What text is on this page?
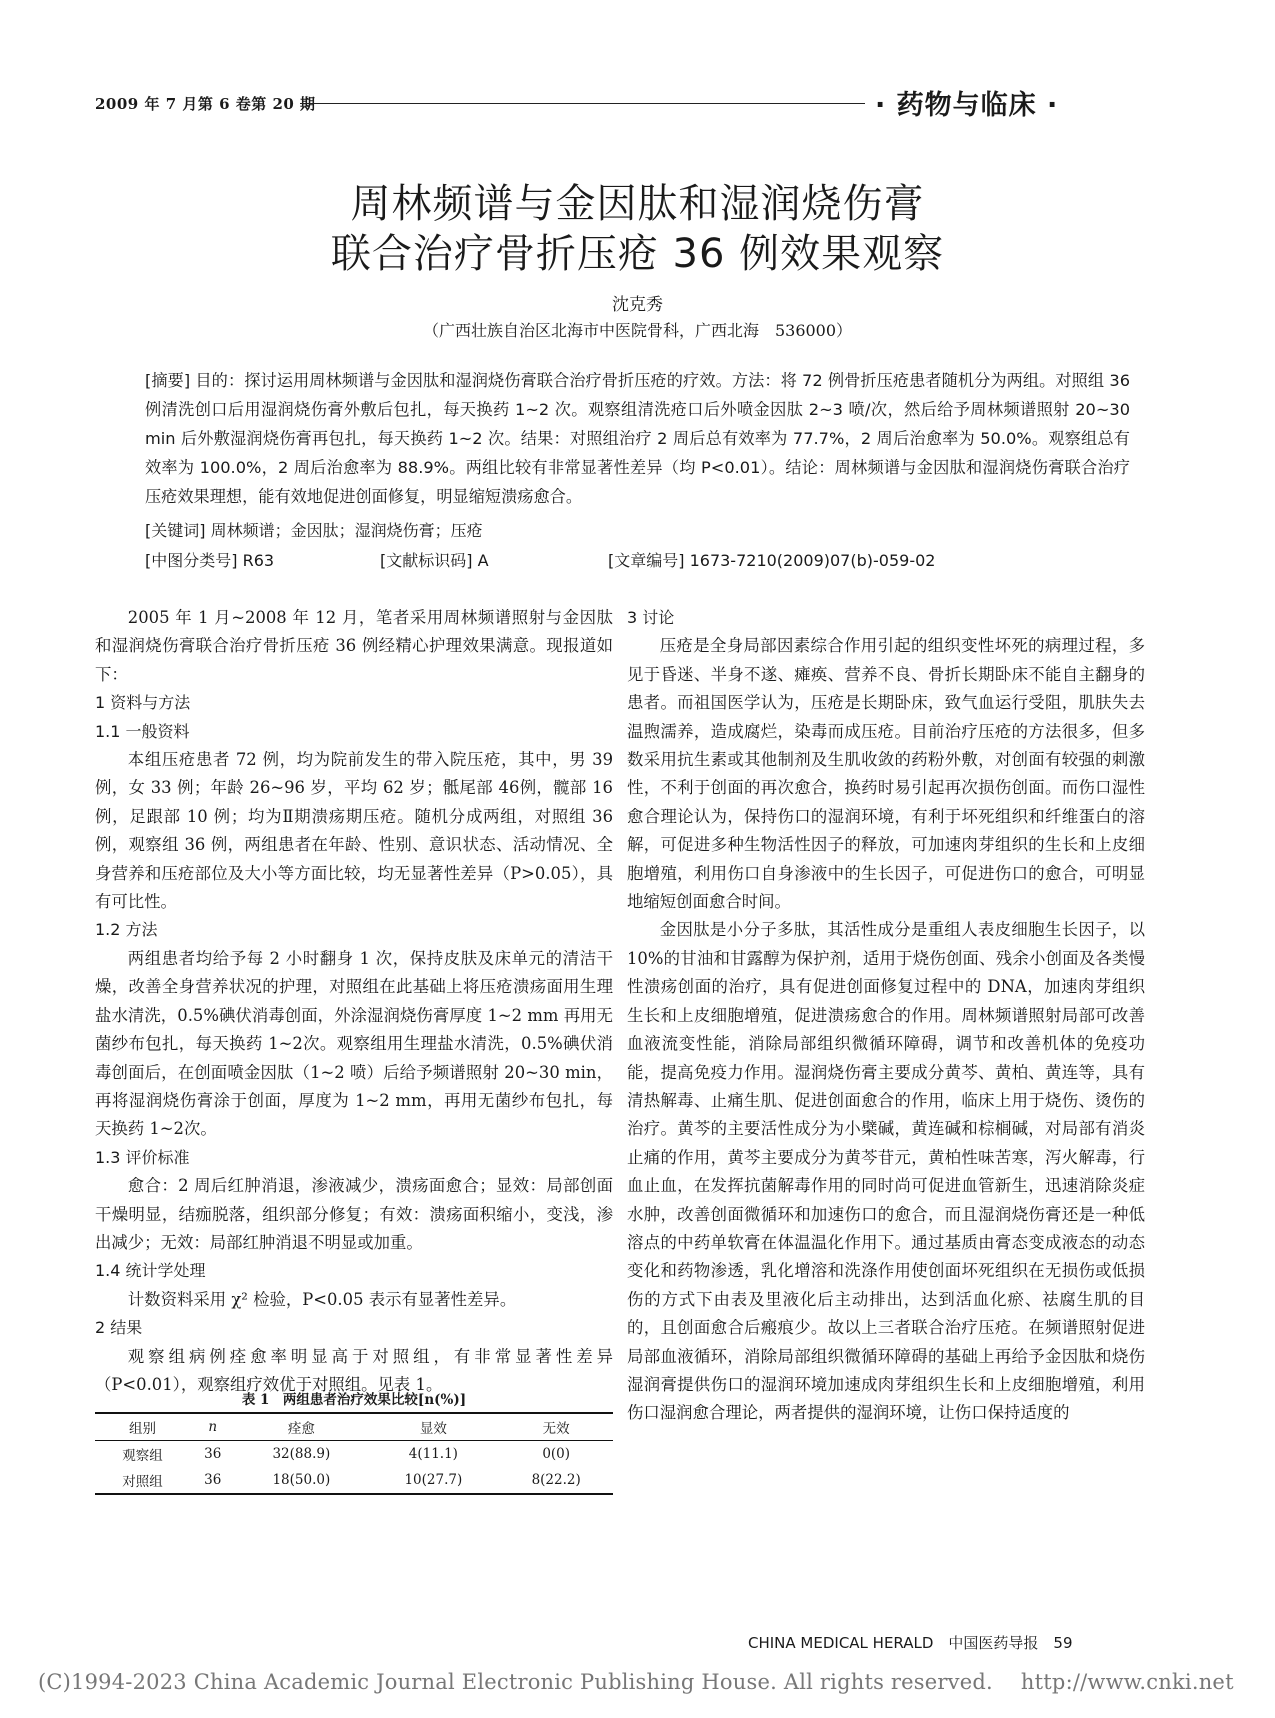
2009 年 7 月第 6 卷第 20 期	· 药物与临床 ·
周林频谱与金因肽和湿润烧伤膏
联合治疗骨折压疮 36 例效果观察
沈克秀
（广西壮族自治区北海市中医院骨科，广西北海　536000）
[摘要] 目的：探讨运用周林频谱与金因肽和湿润烧伤膏联合治疗骨折压疮的疗效。方法：将 72 例骨折压疮患者随机分为两组。对照组 36 例清洗创口后用湿润烧伤膏外敷后包扎，每天换药 1~2 次。观察组清洗疮口后外喷金因肽 2~3 喷/次，然后给予周林频谱照射 20~30 min 后外敷湿润烧伤膏再包扎，每天换药 1~2 次。结果：对照组治疗 2 周后总有效率为 77.7%，2 周后治愈率为 50.0%。观察组总有效率为 100.0%，2 周后治愈率为 88.9%。两组比较有非常显著性差异（均 P<0.01）。结论：周林频谱与金因肽和湿润烧伤膏联合治疗压疮效果理想，能有效地促进创面修复，明显缩短溃疡愈合。
[关键词] 周林频谱；金因肽；湿润烧伤膏；压疮
[中图分类号] R63	[文献标识码] A	[文章编号] 1673-7210(2009)07(b)-059-02

2005 年 1 月~2008 年 12 月，笔者采用周林频谱照射与金因肽和湿润烧伤膏联合治疗骨折压疮 36 例经精心护理效果满意。现报道如下：

1 资料与方法
1.1 一般资料

本组压疮患者 72 例，均为院前发生的带入院压疮，其中，男 39 例，女 33 例；年龄 26~96 岁，平均 62 岁；骶尾部 46例，髋部 16 例，足跟部 10 例；均为Ⅱ期溃疡期压疮。随机分成两组，对照组 36 例，观察组 36 例，两组患者在年龄、性别、意识状态、活动情况、全身营养和压疮部位及大小等方面比较，均无显著性差异（P>0.05），具有可比性。

1.2 方法

两组患者均给予每 2 小时翻身 1 次，保持皮肤及床单元的清洁干燥，改善全身营养状况的护理，对照组在此基础上将压疮溃疡面用生理盐水清洗，0.5%碘伏消毒创面，外涂湿润烧伤膏厚度 1~2 mm 再用无菌纱布包扎，每天换药 1~2次。观察组用生理盐水清洗，0.5%碘伏消毒创面后，在创面喷金因肽（1~2 喷）后给予频谱照射 20~30 min，再将湿润烧伤膏涂于创面，厚度为 1~2 mm，再用无菌纱布包扎，每天换药 1~2次。

1.3 评价标准

愈合：2 周后红肿消退，渗液减少，溃疡面愈合；显效：局部创面干燥明显，结痂脱落，组织部分修复；有效：溃疡面积缩小，变浅，渗出减少；无效：局部红肿消退不明显或加重。

1.4 统计学处理

计数资料采用 χ² 检验，P<0.05 表示有显著性差异。

2 结果

观察组病例痊愈率明显高于对照组，有非常显著性差异（P<0.01），观察组疗效优于对照组。见表 1。

表 1　两组患者治疗效果比较[n(%)]
组别	n	痊愈	显效	无效
观察组	36	32(88.9)	4(11.1)	0(0)
对照组	36	18(50.0)	10(27.7)	8(22.2)
3 讨论

压疮是全身局部因素综合作用引起的组织变性坏死的病理过程，多见于昏迷、半身不遂、瘫痪、营养不良、骨折长期卧床不能自主翻身的患者。而祖国医学认为，压疮是长期卧床，致气血运行受阻，肌肤失去温煦濡养，造成腐烂，染毒而成压疮。目前治疗压疮的方法很多，但多数采用抗生素或其他制剂及生肌收敛的药粉外敷，对创面有较强的刺激性，不利于创面的再次愈合，换药时易引起再次损伤创面。而伤口湿性愈合理论认为，保持伤口的湿润环境，有利于坏死组织和纤维蛋白的溶解，可促进多种生物活性因子的释放，可加速肉芽组织的生长和上皮细胞增殖，利用伤口自身渗液中的生长因子，可促进伤口的愈合，可明显地缩短创面愈合时间。

金因肽是小分子多肽，其活性成分是重组人表皮细胞生长因子，以 10%的甘油和甘露醇为保护剂，适用于烧伤创面、残余小创面及各类慢性溃疡创面的治疗，具有促进创面修复过程中的 DNA，加速肉芽组织生长和上皮细胞增殖，促进溃疡愈合的作用。周林频谱照射局部可改善血液流变性能，消除局部组织微循环障碍，调节和改善机体的免疫功能，提高免疫力作用。湿润烧伤膏主要成分黄芩、黄柏、黄连等，具有清热解毒、止痛生肌、促进创面愈合的作用，临床上用于烧伤、烫伤的治疗。黄芩的主要活性成分为小檗碱，黄连碱和棕榈碱，对局部有消炎止痛的作用，黄芩主要成分为黄芩苷元，黄柏性味苦寒，泻火解毒，行血止血，在发挥抗菌解毒作用的同时尚可促进血管新生，迅速消除炎症水肿，改善创面微循环和加速伤口的愈合，而且湿润烧伤膏还是一种低溶点的中药单软膏在体温温化作用下。通过基质由膏态变成液态的动态变化和药物渗透，乳化增溶和洗涤作用使创面坏死组织在无损伤或低损伤的方式下由表及里液化后主动排出，达到活血化瘀、祛腐生肌的目的，且创面愈合后瘢痕少。故以上三者联合治疗压疮。在频谱照射促进局部血液循环，消除局部组织微循环障碍的基础上再给予金因肽和烧伤湿润膏提供伤口的湿润环境加速成肉芽组织生长和上皮细胞增殖，利用伤口湿润愈合理论，两者提供的湿润环境，让伤口保持适度的

CHINA MEDICAL HERALD　中国医药导报　59
(C)1994-2023 China Academic Journal Electronic Publishing House. All rights reserved.　 http://www.cnki.net
